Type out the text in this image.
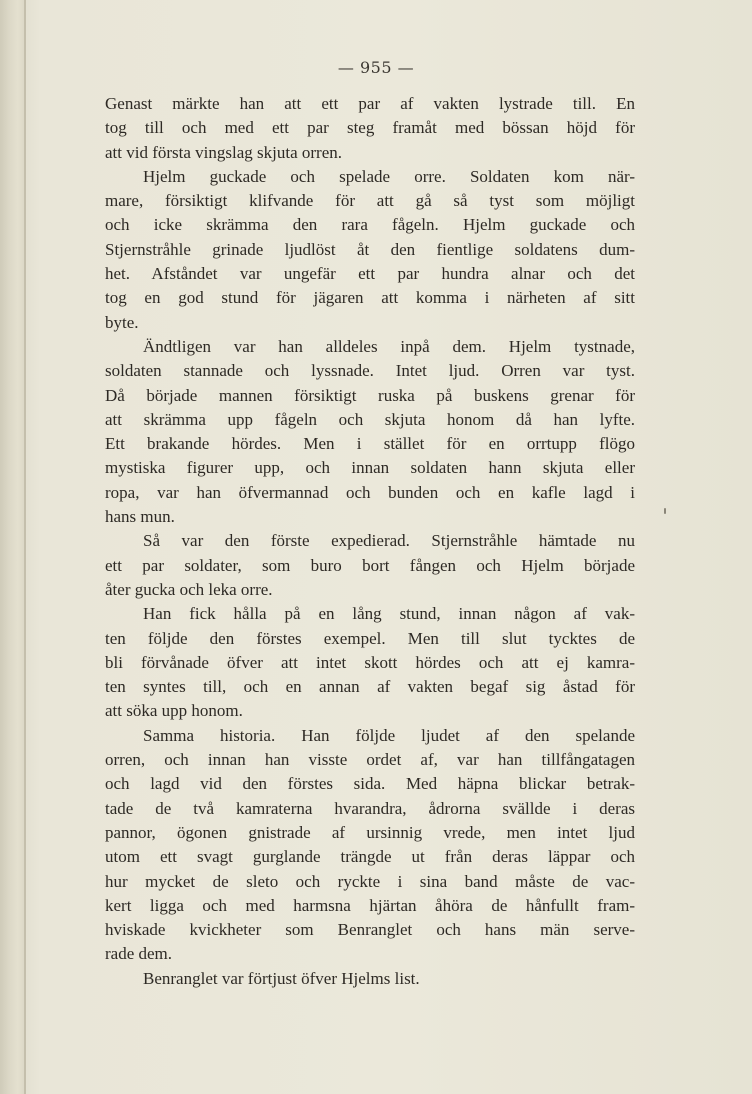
— 955 —
Genast märkte han att ett par af vakten lystrade till. En
tog till och med ett par steg framåt med bössan höjd för
att vid första vingslag skjuta orren.
Hjelm guckade och spelade orre. Soldaten kom när-
mare, försiktigt klifvande för att gå så tyst som möjligt
och icke skrämma den rara fågeln. Hjelm guckade och
Stjernstråhle grinade ljudlöst åt den fientlige soldatens dum-
het. Afståndet var ungefär ett par hundra alnar och det
tog en god stund för jägaren att komma i närheten af sitt
byte.
Ändtligen var han alldeles inpå dem. Hjelm tystnade,
soldaten stannade och lyssnade. Intet ljud. Orren var tyst.
Då började mannen försiktigt ruska på buskens grenar för
att skrämma upp fågeln och skjuta honom då han lyfte.
Ett brakande hördes. Men i stället för en orrtupp flögo
mystiska figurer upp, och innan soldaten hann skjuta eller
ropa, var han öfvermannad och bunden och en kafle lagd i
hans mun.
Så var den förste expedierad. Stjernstråhle hämtade nu
ett par soldater, som buro bort fången och Hjelm började
åter gucka och leka orre.
Han fick hålla på en lång stund, innan någon af vak-
ten följde den förstes exempel. Men till slut tycktes de
bli förvånade öfver att intet skott hördes och att ej kamra-
ten syntes till, och en annan af vakten begaf sig åstad för
att söka upp honom.
Samma historia. Han följde ljudet af den spelande
orren, och innan han visste ordet af, var han tillfångatagen
och lagd vid den förstes sida. Med häpna blickar betrak-
tade de två kamraterna hvarandra, ådrorna svällde i deras
pannor, ögonen gnistrade af ursinnig vrede, men intet ljud
utom ett svagt gurglande trängde ut från deras läppar och
hur mycket de sleto och ryckte i sina band måste de vac-
kert ligga och med harmsna hjärtan åhöra de hånfullt fram-
hviskade kvickheter som Benranglet och hans män serve-
rade dem.
Benranglet var förtjust öfver Hjelms list.
